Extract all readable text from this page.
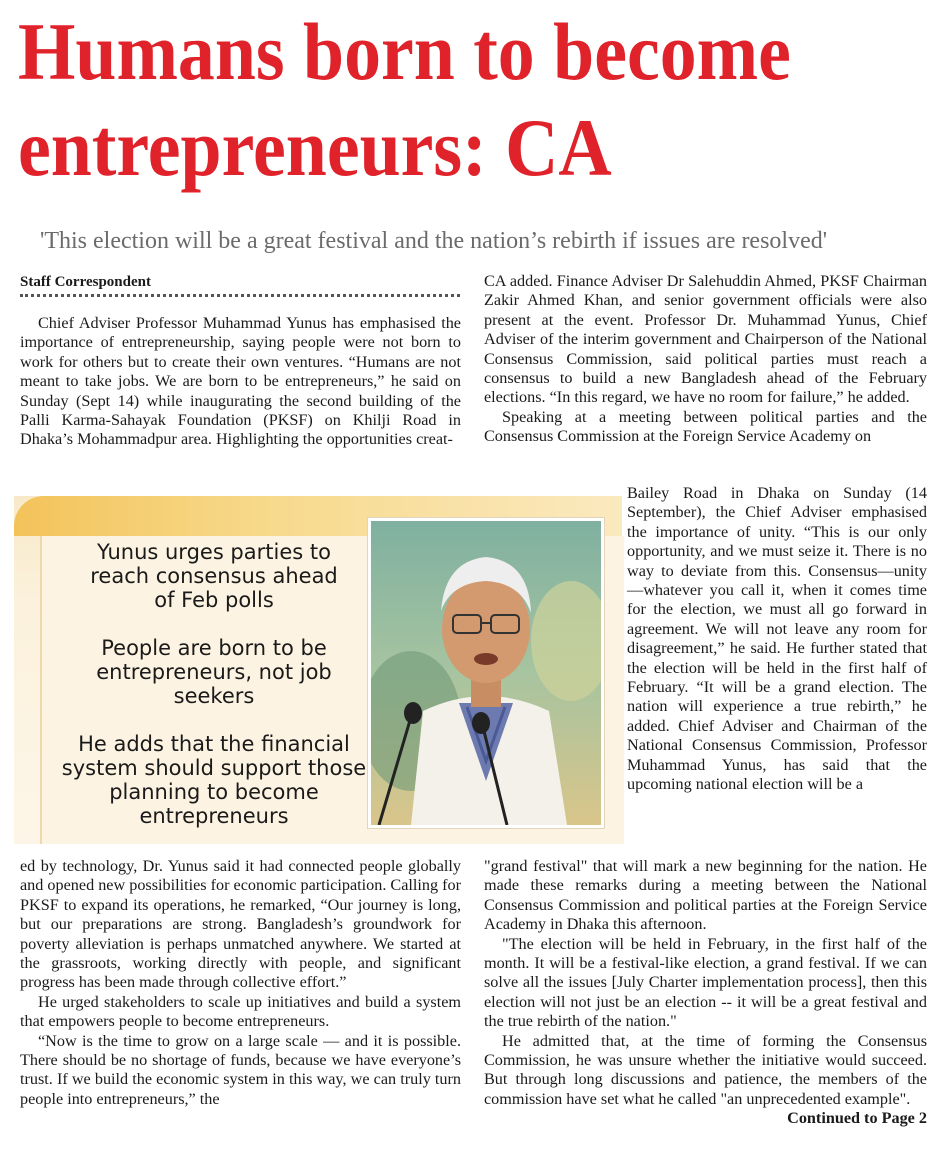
Humans born to become
entrepreneurs: CA
'This election will be a great festival and the nation’s rebirth if issues are resolved'
Staff Correspondent

Chief Adviser Professor Muhammad Yunus has emphasised the importance of entrepreneurship, saying people were not born to work for others but to create their own ventures. “Humans are not meant to take jobs. We are born to be entrepreneurs,” he said on Sunday (Sept 14) while inaugurating the second building of the Palli Karma-Sahayak Foundation (PKSF) on Khilji Road in Dhaka’s Mohammadpur area. Highlighting the opportunities creat-

CA added. Finance Adviser Dr Salehuddin Ahmed, PKSF Chairman Zakir Ahmed Khan, and senior government officials were also present at the event. Professor Dr. Muhammad Yunus, Chief Adviser of the interim government and Chairperson of the National Consensus Commission, said political parties must reach a consensus to build a new Bangladesh ahead of the February elections. “In this regard, we have no room for failure,” he added.

Speaking at a meeting between political parties and the Consensus Commission at the Foreign Service Academy on

Bailey Road in Dhaka on Sunday (14 September), the Chief Adviser emphasised the importance of unity. “This is our only opportunity, and we must seize it. There is no way to deviate from this. Consensus—unity—whatever you call it, when it comes time for the election, we must all go forward in agreement. We will not leave any room for disagreement,” he said. He further stated that the election will be held in the first half of February. “It will be a grand election. The nation will experience a true rebirth,” he added. Chief Adviser and Chairman of the National Consensus Commission, Professor Muhammad Yunus, has said that the upcoming national election will be a

Yunus urges parties to reach consensus ahead of Feb polls
People are born to be entrepreneurs, not job seekers
He adds that the financial system should support those planning to become entrepreneurs

ed by technology, Dr. Yunus said it had connected people globally and opened new possibilities for economic participation. Calling for PKSF to expand its operations, he remarked, “Our journey is long, but our preparations are strong. Bangladesh’s groundwork for poverty alleviation is perhaps unmatched anywhere. We started at the grassroots, working directly with people, and significant progress has been made through collective effort.”

He urged stakeholders to scale up initiatives and build a system that empowers people to become entrepreneurs.

“Now is the time to grow on a large scale — and it is possible. There should be no shortage of funds, because we have everyone’s trust. If we build the economic system in this way, we can truly turn people into entrepreneurs,” the

"grand festival" that will mark a new beginning for the nation. He made these remarks during a meeting between the National Consensus Commission and political parties at the Foreign Service Academy in Dhaka this afternoon.

"The election will be held in February, in the first half of the month. It will be a festival-like election, a grand festival. If we can solve all the issues [July Charter implementation process], then this election will not just be an election -- it will be a great festival and the true rebirth of the nation."

He admitted that, at the time of forming the Consensus Commission, he was unsure whether the initiative would succeed. But through long discussions and patience, the members of the commission have set what he called "an unprecedented example".
Continued to Page 2
